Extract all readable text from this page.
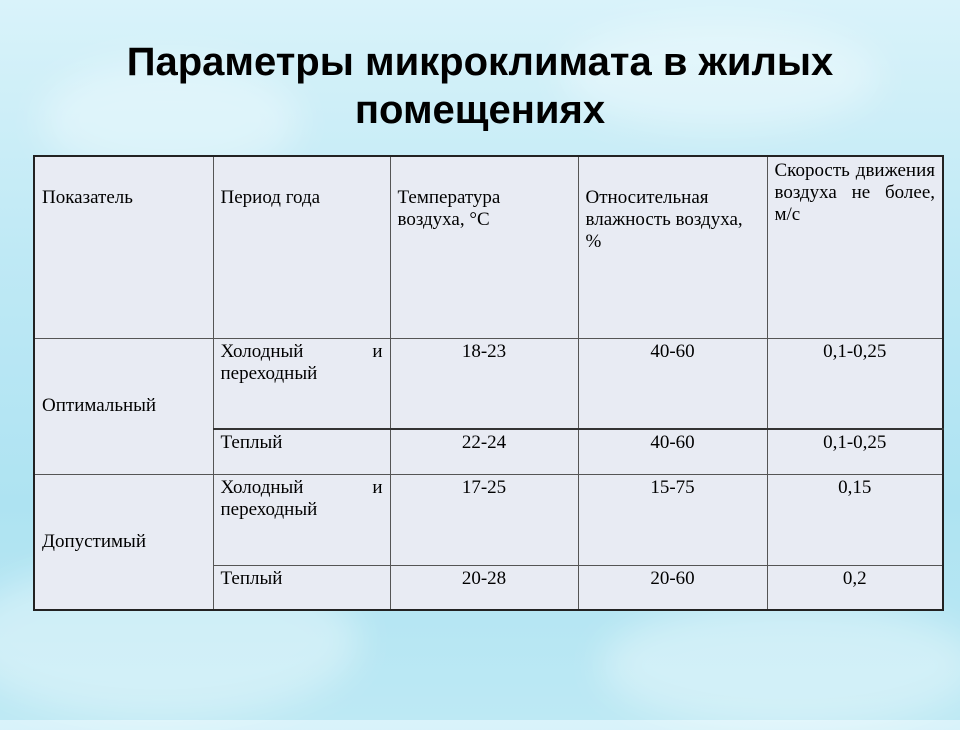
Параметры микроклимата в жилых помещениях
Показатель	Период года	Температура воздуха, °С	Относительная влажность воздуха, %	Скорость движения воздуха не более, м/с
Оптимальный	Холодный и переходный	18-23	40-60	0,1-0,25
	Теплый	22-24	40-60	0,1-0,25
Допустимый	Холодный и переходный	17-25	15-75	0,15
	Теплый	20-28	20-60	0,2
